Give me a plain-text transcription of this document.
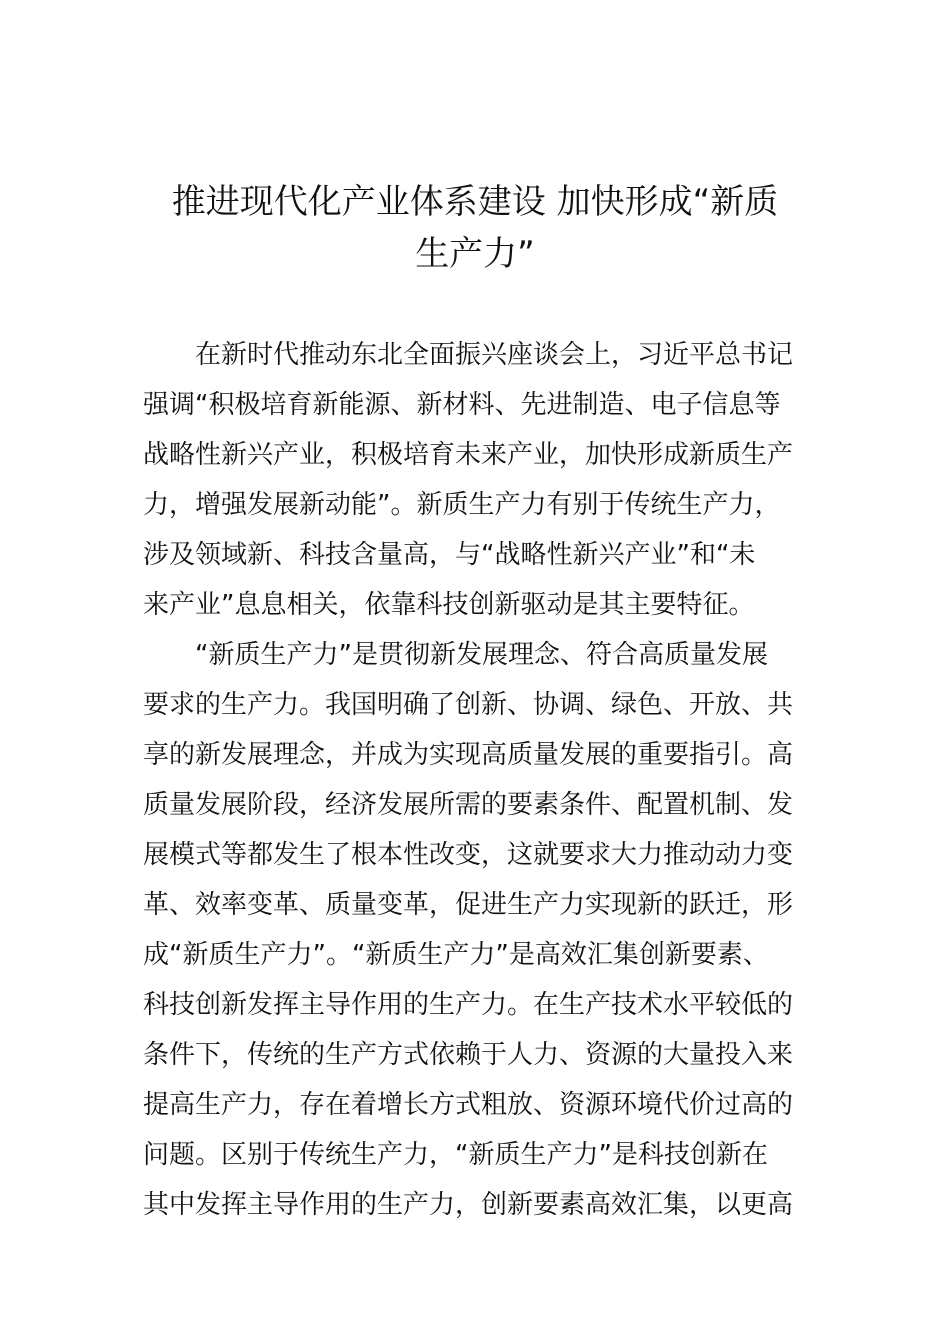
推进现代化产业体系建设 加快形成“新质
生产力”
在新时代推动东北全面振兴座谈会上，习近平总书记
强调“积极培育新能源、新材料、先进制造、电子信息等
战略性新兴产业，积极培育未来产业，加快形成新质生产
力，增强发展新动能”。新质生产力有别于传统生产力，
涉及领域新、科技含量高，与“战略性新兴产业”和“未
来产业”息息相关，依靠科技创新驱动是其主要特征。
“新质生产力”是贯彻新发展理念、符合高质量发展
要求的生产力。我国明确了创新、协调、绿色、开放、共
享的新发展理念，并成为实现高质量发展的重要指引。高
质量发展阶段，经济发展所需的要素条件、配置机制、发
展模式等都发生了根本性改变，这就要求大力推动动力变
革、效率变革、质量变革，促进生产力实现新的跃迁，形
成“新质生产力”。“新质生产力”是高效汇集创新要素、
科技创新发挥主导作用的生产力。在生产技术水平较低的
条件下，传统的生产方式依赖于人力、资源的大量投入来
提高生产力，存在着增长方式粗放、资源环境代价过高的
问题。区别于传统生产力，“新质生产力”是科技创新在
其中发挥主导作用的生产力，创新要素高效汇集，以更高
